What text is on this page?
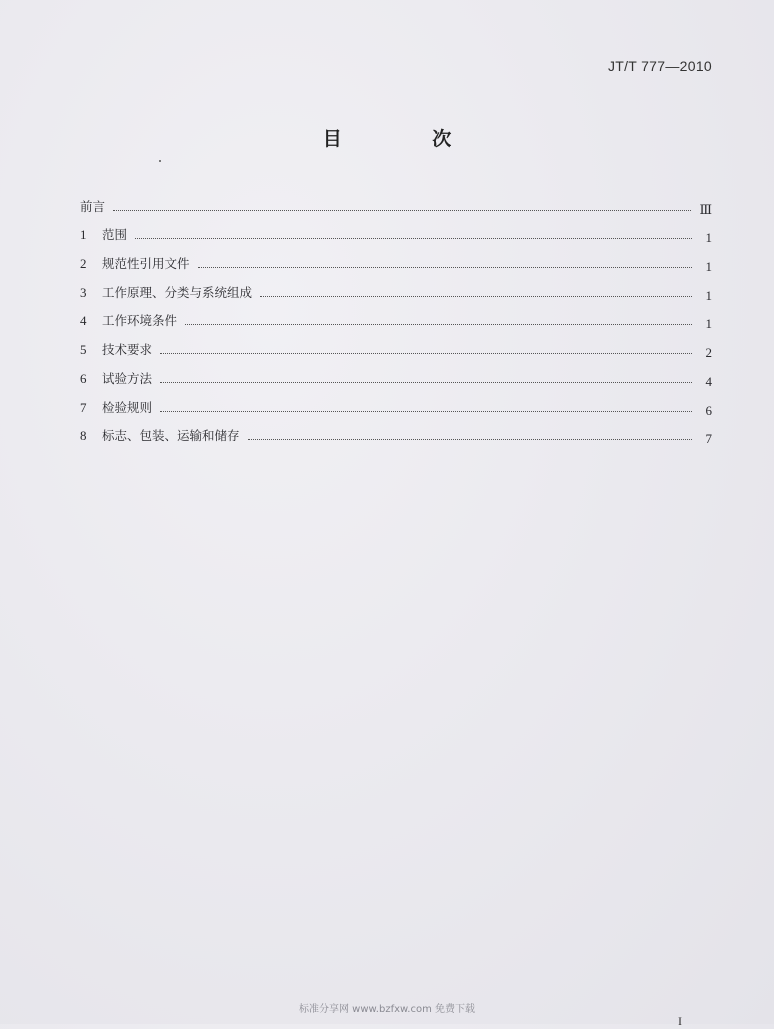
JT/T 777—2010
目 次
前言	Ⅲ
1	范围	1
2	规范性引用文件	1
3	工作原理、分类与系统组成	1
4	工作环境条件	1
5	技术要求	2
6	试验方法	4
7	检验规则	6
8	标志、包装、运输和储存	7
标准分享网 www.bzfxw.com 免费下载
I
